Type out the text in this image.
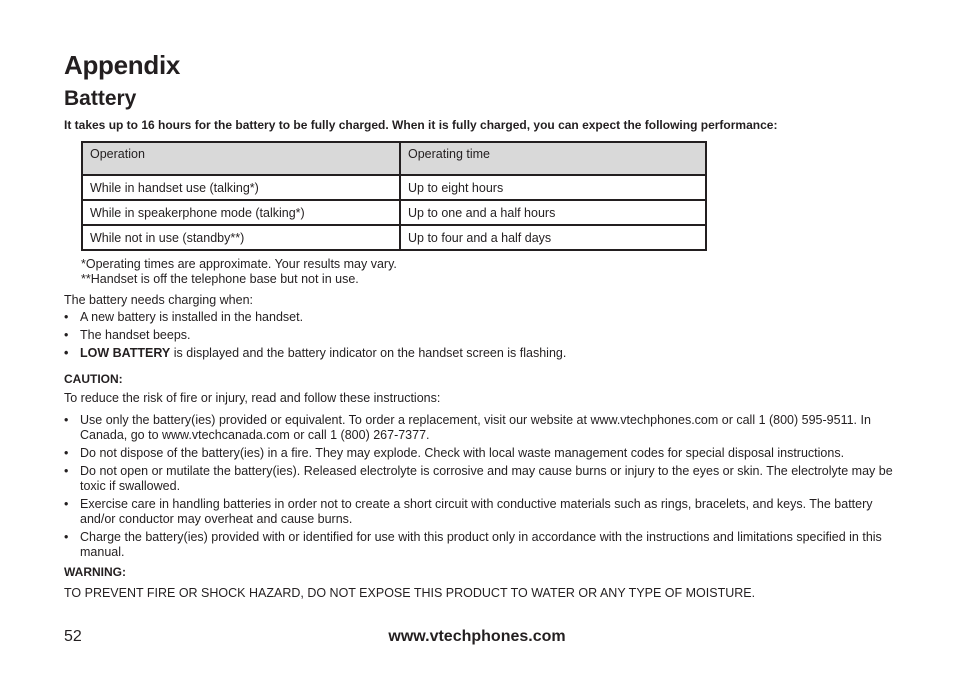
Appendix
Battery
It takes up to 16 hours for the battery to be fully charged. When it is fully charged, you can expect the following performance:
Operation	Operating time
While in handset use (talking*)	Up to eight hours
While in speakerphone mode (talking*)	Up to one and a half hours
While not in use (standby**)	Up to four and a half days
*Operating times are approximate. Your results may vary.
**Handset is off the telephone base but not in use.
The battery needs charging when:
• A new battery is installed in the handset.
• The handset beeps.
• LOW BATTERY is displayed and the battery indicator on the handset screen is flashing.
CAUTION:
To reduce the risk of fire or injury, read and follow these instructions:
• Use only the battery(ies) provided or equivalent. To order a replacement, visit our website at www.vtechphones.com or call 1 (800) 595-9511. In Canada, go to www.vtechcanada.com or call 1 (800) 267-7377.
• Do not dispose of the battery(ies) in a fire. They may explode. Check with local waste management codes for special disposal instructions.
• Do not open or mutilate the battery(ies). Released electrolyte is corrosive and may cause burns or injury to the eyes or skin. The electrolyte may be toxic if swallowed.
• Exercise care in handling batteries in order not to create a short circuit with conductive materials such as rings, bracelets, and keys. The battery and/or conductor may overheat and cause burns.
• Charge the battery(ies) provided with or identified for use with this product only in accordance with the instructions and limitations specified in this manual.
WARNING:
TO PREVENT FIRE OR SHOCK HAZARD, DO NOT EXPOSE THIS PRODUCT TO WATER OR ANY TYPE OF MOISTURE.
52	www.vtechphones.com
